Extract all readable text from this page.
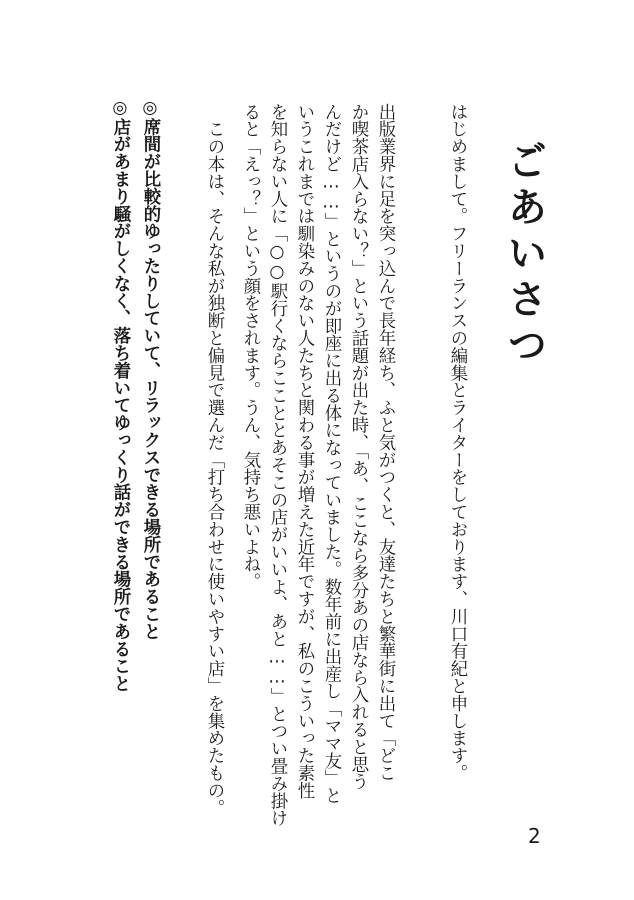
ごあいさつ
はじめまして。フリーランスの編集とライターをしております、川口有紀と申します。
出版業界に足を突っ込んで長年経ち、ふと気がつくと、友達たちと繁華街に出て「どこ
か喫茶店入らない？」という話題が出た時、「あ、ここなら多分あの店なら入れると思う
んだけど……」というのが即座に出る体になっていました。数年前に出産し「ママ友」と
いうこれまでは馴染みのない人たちと関わる事が増えた近年ですが、私のこういった素性
を知らない人に「○○駅行くならここととあそこの店がいいよ、あと……」とつい畳み掛け
ると「えっ？」という顔をされます。うん、気持ち悪いよね。
　この本は、そんな私が独断と偏見で選んだ「打ち合わせに使いやすい店」を集めたもの。
◎席間が比較的ゆったりしていて、リラックスできる場所であること
◎店があまり騒がしくなく、落ち着いてゆっくり話ができる場所であること
2
